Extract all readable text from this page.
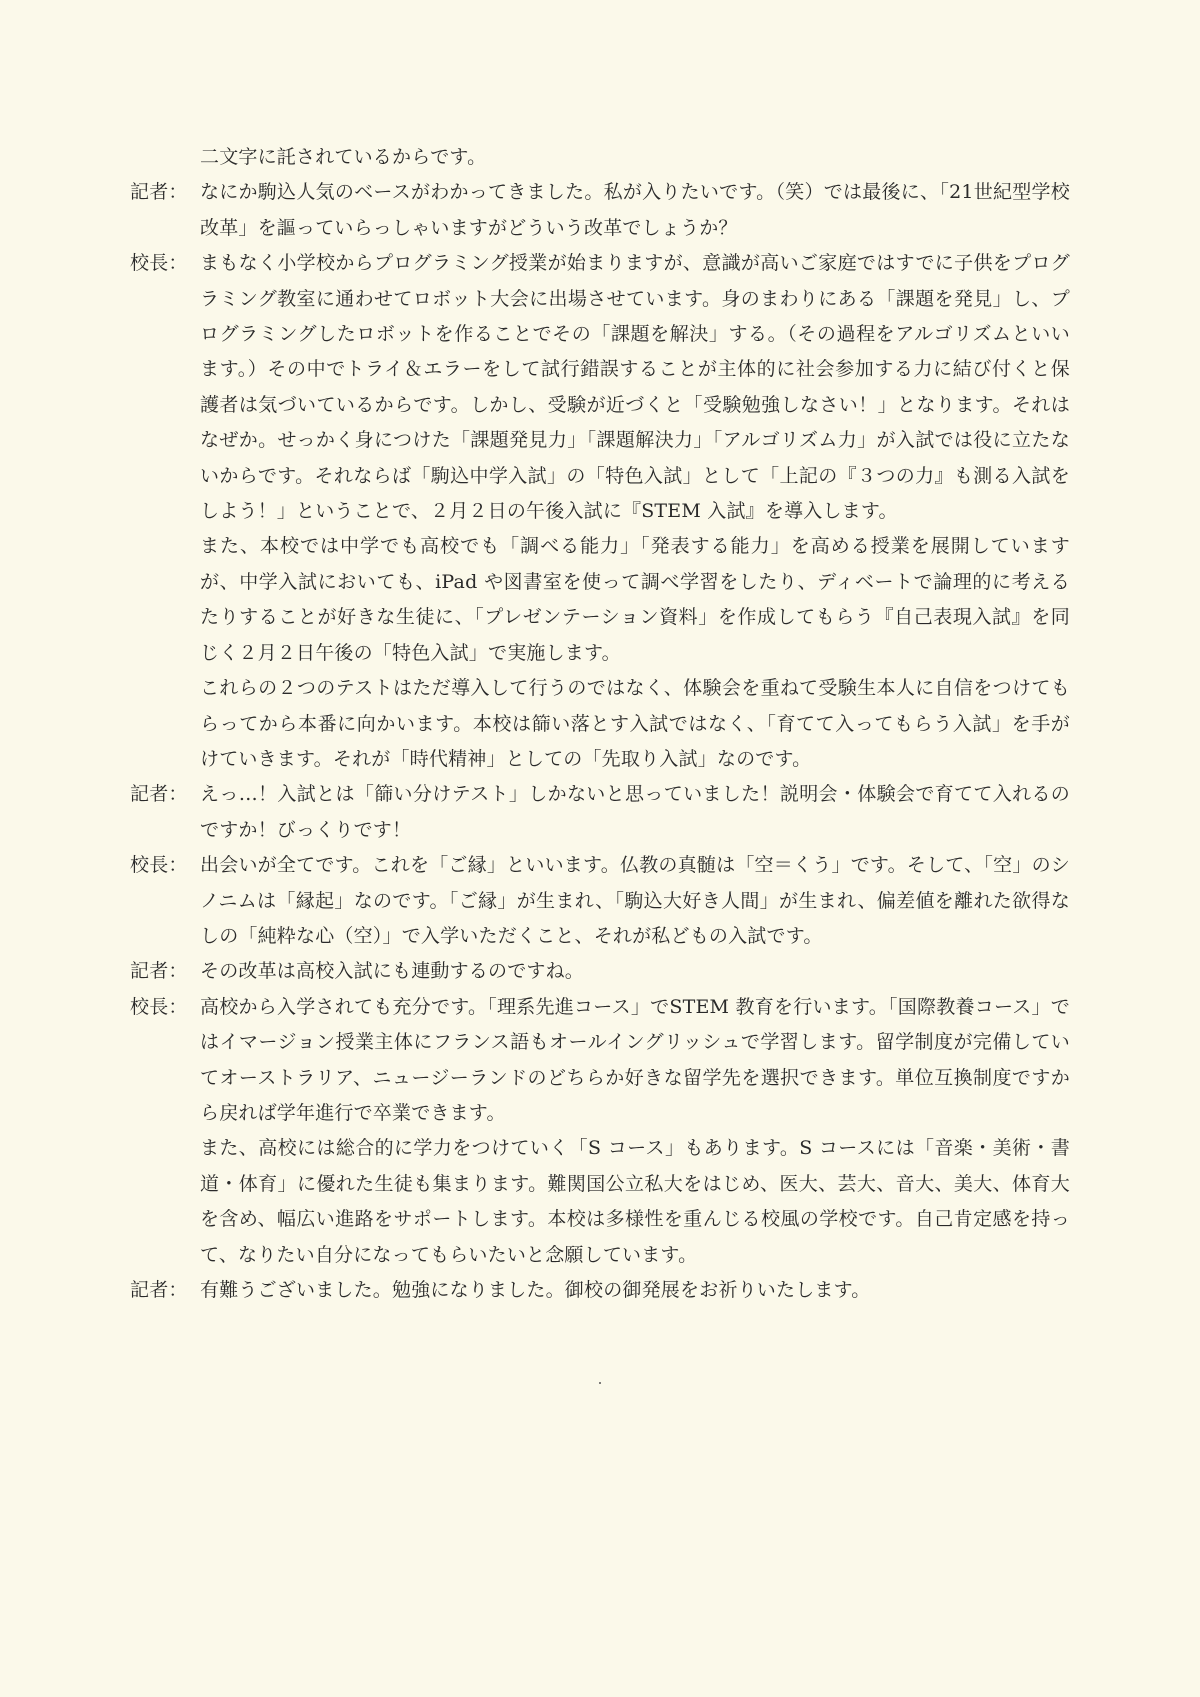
二文字に託されているからです。

記者： なにか駒込人気のベースがわかってきました。私が入りたいです。（笑）では最後に、「21世紀型学校改革」を謳っていらっしゃいますがどういう改革でしょうか？

校長： まもなく小学校からプログラミング授業が始まりますが、意識が高いご家庭ではすでに子供をプログラミング教室に通わせてロボット大会に出場させています。身のまわりにある「課題を発見」し、プログラミングしたロボットを作ることでその「課題を解決」する。（その過程をアルゴリズムといいます。）その中でトライ＆エラーをして試行錯誤することが主体的に社会参加する力に結び付くと保護者は気づいているからです。しかし、受験が近づくと「受験勉強しなさい！」となります。それはなぜか。せっかく身につけた「課題発見力」「課題解決力」「アルゴリズム力」が入試では役に立たないからです。それならば「駒込中学入試」の「特色入試」として「上記の『３つの力』も測る入試をしよう！」ということで、２月２日の午後入試に『STEM 入試』を導入します。

また、本校では中学でも高校でも「調べる能力」「発表する能力」を高める授業を展開していますが、中学入試においても、iPad や図書室を使って調べ学習をしたり、ディベートで論理的に考えるたりすることが好きな生徒に、「プレゼンテーション資料」を作成してもらう『自己表現入試』を同じく２月２日午後の「特色入試」で実施します。

これらの２つのテストはただ導入して行うのではなく、体験会を重ねて受験生本人に自信をつけてもらってから本番に向かいます。本校は篩い落とす入試ではなく、「育てて入ってもらう入試」を手がけていきます。それが「時代精神」としての「先取り入試」なのです。

記者： えっ…！入試とは「篩い分けテスト」しかないと思っていました！説明会・体験会で育てて入れるのですか！びっくりです！

校長： 出会いが全てです。これを「ご縁」といいます。仏教の真髄は「空＝くう」です。そして、「空」のシノニムは「縁起」なのです。「ご縁」が生まれ、「駒込大好き人間」が生まれ、偏差値を離れた欲得なしの「純粋な心（空）」で入学いただくこと、それが私どもの入試です。

記者： その改革は高校入試にも連動するのですね。

校長： 高校から入学されても充分です。「理系先進コース」でSTEM 教育を行います。「国際教養コース」ではイマージョン授業主体にフランス語もオールイングリッシュで学習します。留学制度が完備していてオーストラリア、ニュージーランドのどちらか好きな留学先を選択できます。単位互換制度ですから戻れば学年進行で卒業できます。

また、高校には総合的に学力をつけていく「S コース」もあります。S コースには「音楽・美術・書道・体育」に優れた生徒も集まります。難関国公立私大をはじめ、医大、芸大、音大、美大、体育大を含め、幅広い進路をサポートします。本校は多様性を重んじる校風の学校です。自己肯定感を持って、なりたい自分になってもらいたいと念願しています。

記者： 有難うございました。勉強になりました。御校の御発展をお祈りいたします。
